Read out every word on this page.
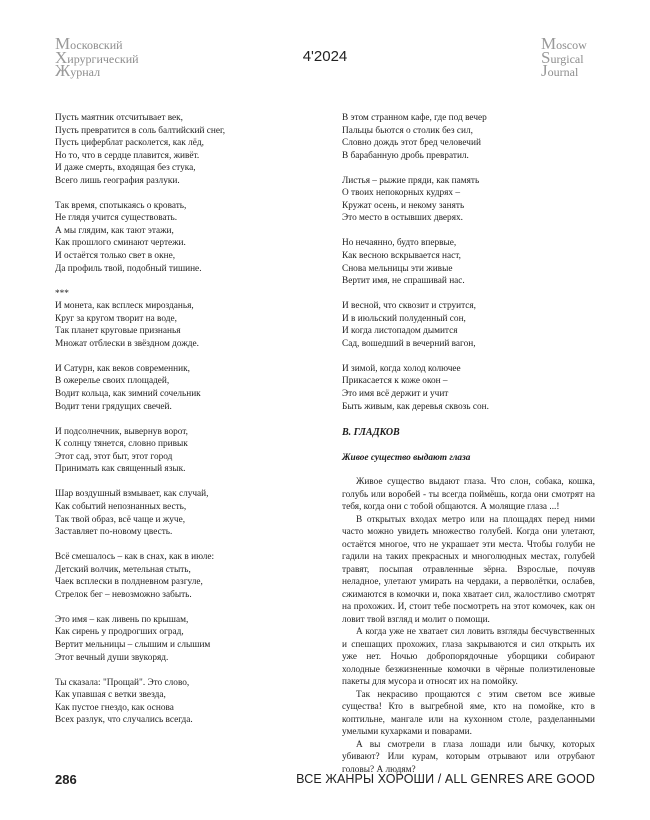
Московский
Хирургический
Журнал
4'2024
Moscow
Surgical
Journal
Пусть маятник отсчитывает век,
Пусть превратится в соль балтийский снег,
Пусть циферблат расколется, как лёд,
Но то, что в сердце плавится, живёт.
И даже смерть, входящая без стука,
Всего лишь география разлуки.
Так время, спотыкаясь о кровать,
Не глядя учится существовать.
А мы глядим, как тают этажи,
Как прошлого сминают чертежи.
И остаётся только свет в окне,
Да профиль твой, подобный тишине.
***
И монета, как всплеск мирозданья,
Круг за кругом творит на воде,
Так планет круговые признанья
Множат отблески в звёздном дожде.
И Сатурн, как веков современник,
В ожерелье своих площадей,
Водит кольца, как зимний сочельник
Водит тени грядущих свечей.
И подсолнечник, вывернув ворот,
К солнцу тянется, словно привык
Этот сад, этот быт, этот город
Принимать как священный язык.
Шар воздушный взмывает, как случай,
Как событий непознанных весть,
Так твой образ, всё чаще и жуче,
Заставляет по-новому цвесть.
Всё смешалось – как в снах, как в июле:
Детский волчик, метельная стыть,
Чаек всплески в полдневном разгуле,
Стрелок бег – невозможно забыть.
Это имя – как ливень по крышам,
Как сирень у продрогших оград,
Вертит мельницы – слышим и слышим
Этот вечный души звукоряд.
Ты сказала: "Прощай". Это слово,
Как упавшая с ветки звезда,
Как пустое гнездо, как основа
Всех разлук, что случались всегда.
В этом странном кафе, где под вечер
Пальцы бьются о столик без сил,
Словно дождь этот бред человечий
В барабанную дробь превратил.
Листья – рыжие пряди, как память
О твоих непокорных кудрях –
Кружат осень, и некому занять
Это место в остывших дверях.
Но нечаянно, будто впервые,
Как весною вскрывается наст,
Снова мельницы эти живые
Вертит имя, не спрашивай нас.
И весной, что сквозит и струится,
И в июльский полуденный сон,
И когда листопадом дымится
Сад, вошедший в вечерний вагон,
И зимой, когда холод колючее
Прикасается к коже окон –
Это имя всё держит и учит
Быть живым, как деревья сквозь сон.
В. ГЛАДКОВ
Живое существо выдают глаза

Живое существо выдают глаза. Что слон, собака, кошка, голубь или воробей - ты всегда поймёшь, когда они смотрят на тебя, когда они с тобой общаются. А молящие глаза ...!

В открытых входах метро или на площадях перед ними часто можно увидеть множество голубей. Когда они улетают, остаётся многое, что не украшает эти места. Чтобы голуби не гадили на таких прекрасных и многолюдных местах, голубей травят, посыпая отравленные зёрна. Взрослые, почуяв неладное, улетают умирать на чердаки, а перволётки, ослабев, сжимаются в комочки и, пока хватает сил, жалостливо смотрят на прохожих. И, стоит тебе посмотреть на этот комочек, как он ловит твой взгляд и молит о помощи.

А когда уже не хватает сил ловить взгляды бесчувственных и спешащих прохожих, глаза закрываются и сил открыть их уже нет. Ночью добропорядочные уборщики собирают холодные безжизненные комочки в чёрные полиэтиленовые пакеты для мусора и относят их на помойку.

Так некрасиво прощаются с этим светом все живые существа! Кто в выгребной яме, кто на помойке, кто в коптильне, мангале или на кухонном столе, разделанными умелыми кухарками и поварами.

А вы смотрели в глаза лошади или бычку, которых убивают? Или курам, которым отрывают или отрубают головы? А людям?

286	ВСЕ ЖАНРЫ ХОРОШИ / ALL GENRES ARE GOOD
